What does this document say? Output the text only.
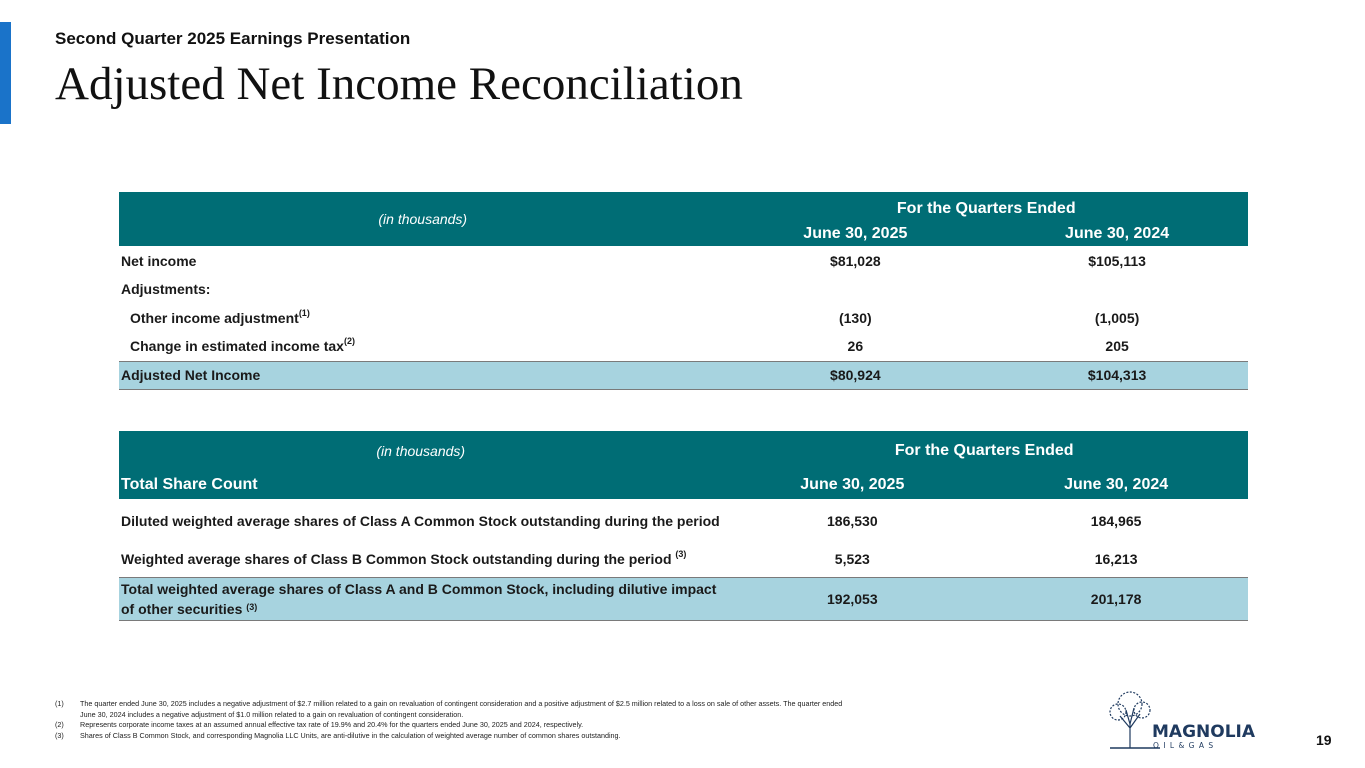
Second Quarter 2025 Earnings Presentation
Adjusted Net Income Reconciliation
(in thousands)	For the Quarters Ended	
	June 30, 2025	June 30, 2024
Net income	$81,028	$105,113
Adjustments:		
Other income adjustment$^{(1)}$	(130)	(1,005)
Change in estimated income tax$^{(2)}$	26	205
Adjusted Net Income	$80,924	$104,313
(in thousands)	For the Quarters Ended	
Total Share Count	June 30, 2025	June 30, 2024
Diluted weighted average shares of Class A Common Stock outstanding during the period	186,530	184,965
Weighted average shares of Class B Common Stock outstanding during the period $^{(3)}$	5,523	16,213
Total weighted average shares of Class A and B Common Stock, including dilutive impact of other securities $^{(3)}$	192,053	201,178
(1)	The quarter ended June 30, 2025 includes a negative adjustment of $2.7 million related to a gain on revaluation of contingent consideration and a positive adjustment of $2.5 million related to a loss on sale of other assets. The quarter ended June 30, 2024 includes a negative adjustment of $1.0 million related to a gain on revaluation of contingent consideration.
(2)	Represents corporate income taxes at an assumed annual effective tax rate of 19.9% and 20.4% for the quarters ended June 30, 2025 and 2024, respectively.
(3)	Shares of Class B Common Stock, and corresponding Magnolia LLC Units, are anti-dilutive in the calculation of weighted average number of common shares outstanding.	MAGNOLIA
O I L & G A S	19
